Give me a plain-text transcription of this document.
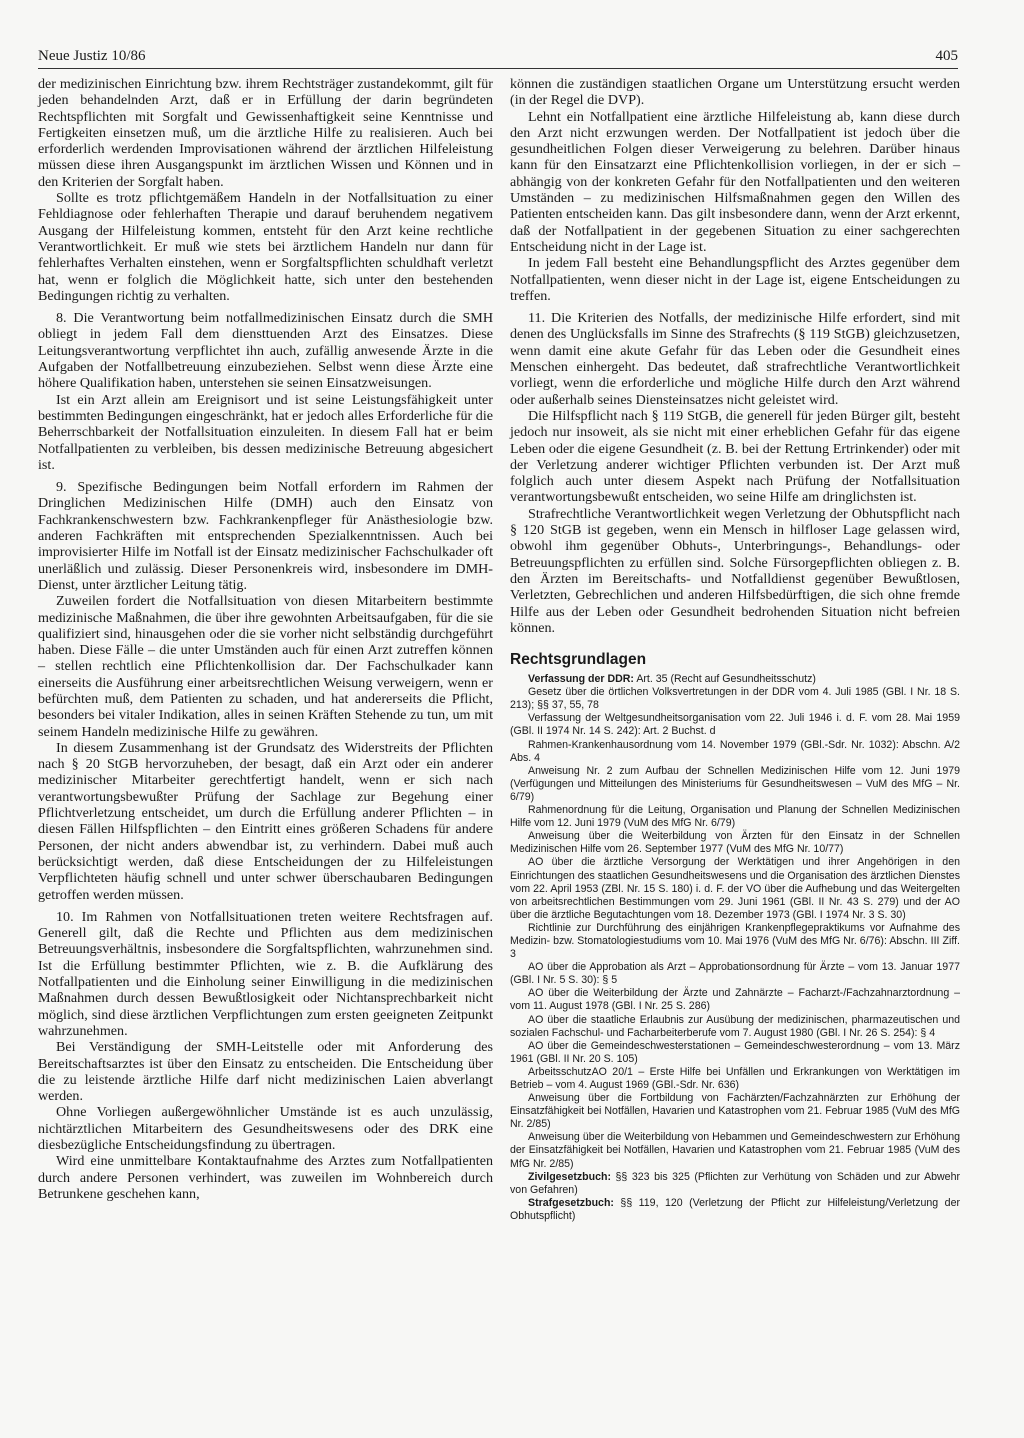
Neue Justiz 10/86	405

der medizinischen Einrichtung bzw. ihrem Rechtsträger zustandekommt, gilt für jeden behandelnden Arzt, daß er in Erfüllung der darin begründeten Rechtspflichten mit Sorgfalt und Gewissenhaftigkeit seine Kenntnisse und Fertigkeiten einsetzen muß, um die ärztliche Hilfe zu realisieren. Auch bei erforderlich werdenden Improvisationen während der ärztlichen Hilfeleistung müssen diese ihren Ausgangspunkt im ärztlichen Wissen und Können und in den Kriterien der Sorgfalt haben.

Sollte es trotz pflichtgemäßem Handeln in der Notfallsituation zu einer Fehldiagnose oder fehlerhaften Therapie und darauf beruhendem negativem Ausgang der Hilfeleistung kommen, entsteht für den Arzt keine rechtliche Verantwortlichkeit. Er muß wie stets bei ärztlichem Handeln nur dann für fehlerhaftes Verhalten einstehen, wenn er Sorgfaltspflichten schuldhaft verletzt hat, wenn er folglich die Möglichkeit hatte, sich unter den bestehenden Bedingungen richtig zu verhalten.

8. Die Verantwortung beim notfallmedizinischen Einsatz durch die SMH obliegt in jedem Fall dem diensttuenden Arzt des Einsatzes. Diese Leitungsverantwortung verpflichtet ihn auch, zufällig anwesende Ärzte in die Aufgaben der Notfallbetreuung einzubeziehen. Selbst wenn diese Ärzte eine höhere Qualifikation haben, unterstehen sie seinen Einsatzweisungen.

Ist ein Arzt allein am Ereignisort und ist seine Leistungsfähigkeit unter bestimmten Bedingungen eingeschränkt, hat er jedoch alles Erforderliche für die Beherrschbarkeit der Notfallsituation einzuleiten. In diesem Fall hat er beim Notfallpatienten zu verbleiben, bis dessen medizinische Betreuung abgesichert ist.

9. Spezifische Bedingungen beim Notfall erfordern im Rahmen der Dringlichen Medizinischen Hilfe (DMH) auch den Einsatz von Fachkrankenschwestern bzw. Fachkrankenpfleger für Anästhesiologie bzw. anderen Fachkräften mit entsprechenden Spezialkenntnissen. Auch bei improvisierter Hilfe im Notfall ist der Einsatz medizinischer Fachschulkader oft unerläßlich und zulässig. Dieser Personenkreis wird, insbesondere im DMH-Dienst, unter ärztlicher Leitung tätig.

Zuweilen fordert die Notfallsituation von diesen Mitarbeitern bestimmte medizinische Maßnahmen, die über ihre gewohnten Arbeitsaufgaben, für die sie qualifiziert sind, hinausgehen oder die sie vorher nicht selbständig durchgeführt haben. Diese Fälle – die unter Umständen auch für einen Arzt zutreffen können – stellen rechtlich eine Pflichtenkollision dar. Der Fachschulkader kann einerseits die Ausführung einer arbeitsrechtlichen Weisung verweigern, wenn er befürchten muß, dem Patienten zu schaden, und hat andererseits die Pflicht, besonders bei vitaler Indikation, alles in seinen Kräften Stehende zu tun, um mit seinem Handeln medizinische Hilfe zu gewähren.

In diesem Zusammenhang ist der Grundsatz des Widerstreits der Pflichten nach § 20 StGB hervorzuheben, der besagt, daß ein Arzt oder ein anderer medizinischer Mitarbeiter gerechtfertigt handelt, wenn er sich nach verantwortungsbewußter Prüfung der Sachlage zur Begehung einer Pflichtverletzung entscheidet, um durch die Erfüllung anderer Pflichten – in diesen Fällen Hilfspflichten – den Eintritt eines größeren Schadens für andere Personen, der nicht anders abwendbar ist, zu verhindern. Dabei muß auch berücksichtigt werden, daß diese Entscheidungen der zu Hilfeleistungen Verpflichteten häufig schnell und unter schwer überschaubaren Bedingungen getroffen werden müssen.

10. Im Rahmen von Notfallsituationen treten weitere Rechtsfragen auf. Generell gilt, daß die Rechte und Pflichten aus dem medizinischen Betreuungsverhältnis, insbesondere die Sorgfaltspflichten, wahrzunehmen sind. Ist die Erfüllung bestimmter Pflichten, wie z. B. die Aufklärung des Notfallpatienten und die Einholung seiner Einwilligung in die medizinischen Maßnahmen durch dessen Bewußtlosigkeit oder Nichtansprechbarkeit nicht möglich, sind diese ärztlichen Verpflichtungen zum ersten geeigneten Zeitpunkt wahrzunehmen.

Bei Verständigung der SMH-Leitstelle oder mit Anforderung des Bereitschaftsarztes ist über den Einsatz zu entscheiden. Die Entscheidung über die zu leistende ärztliche Hilfe darf nicht medizinischen Laien abverlangt werden.

Ohne Vorliegen außergewöhnlicher Umstände ist es auch unzulässig, nichtärztlichen Mitarbeitern des Gesundheitswesens oder des DRK eine diesbezügliche Entscheidungsfindung zu übertragen.

Wird eine unmittelbare Kontaktaufnahme des Arztes zum Notfallpatienten durch andere Personen verhindert, was zuweilen im Wohnbereich durch Betrunkene geschehen kann,

können die zuständigen staatlichen Organe um Unterstützung ersucht werden (in der Regel die DVP).

Lehnt ein Notfallpatient eine ärztliche Hilfeleistung ab, kann diese durch den Arzt nicht erzwungen werden. Der Notfallpatient ist jedoch über die gesundheitlichen Folgen dieser Verweigerung zu belehren. Darüber hinaus kann für den Einsatzarzt eine Pflichtenkollision vorliegen, in der er sich – abhängig von der konkreten Gefahr für den Notfallpatienten und den weiteren Umständen – zu medizinischen Hilfsmaßnahmen gegen den Willen des Patienten entscheiden kann. Das gilt insbesondere dann, wenn der Arzt erkennt, daß der Notfallpatient in der gegebenen Situation zu einer sachgerechten Entscheidung nicht in der Lage ist.

In jedem Fall besteht eine Behandlungspflicht des Arztes gegenüber dem Notfallpatienten, wenn dieser nicht in der Lage ist, eigene Entscheidungen zu treffen.

11. Die Kriterien des Notfalls, der medizinische Hilfe erfordert, sind mit denen des Unglücksfalls im Sinne des Strafrechts (§ 119 StGB) gleichzusetzen, wenn damit eine akute Gefahr für das Leben oder die Gesundheit eines Menschen einhergeht. Das bedeutet, daß strafrechtliche Verantwortlichkeit vorliegt, wenn die erforderliche und mögliche Hilfe durch den Arzt während oder außerhalb seines Diensteinsatzes nicht geleistet wird.

Die Hilfspflicht nach § 119 StGB, die generell für jeden Bürger gilt, besteht jedoch nur insoweit, als sie nicht mit einer erheblichen Gefahr für das eigene Leben oder die eigene Gesundheit (z. B. bei der Rettung Ertrinkender) oder mit der Verletzung anderer wichtiger Pflichten verbunden ist. Der Arzt muß folglich auch unter diesem Aspekt nach Prüfung der Notfallsituation verantwortungsbewußt entscheiden, wo seine Hilfe am dringlichsten ist.

Strafrechtliche Verantwortlichkeit wegen Verletzung der Obhutspflicht nach § 120 StGB ist gegeben, wenn ein Mensch in hilfloser Lage gelassen wird, obwohl ihm gegenüber Obhuts-, Unterbringungs-, Behandlungs- oder Betreuungspflichten zu erfüllen sind. Solche Fürsorgepflichten obliegen z. B. den Ärzten im Bereitschafts- und Notfalldienst gegenüber Bewußtlosen, Verletzten, Gebrechlichen und anderen Hilfsbedürftigen, die sich ohne fremde Hilfe aus der Leben oder Gesundheit bedrohenden Situation nicht befreien können.

Rechtsgrundlagen
Verfassung der DDR: Art. 35 (Recht auf Gesundheitsschutz)
Gesetz über die örtlichen Volksvertretungen in der DDR vom 4. Juli 1985 (GBl. I Nr. 18 S. 213); §§ 37, 55, 78
Verfassung der Weltgesundheitsorganisation vom 22. Juli 1946 i. d. F. vom 28. Mai 1959 (GBl. II 1974 Nr. 14 S. 242): Art. 2 Buchst. d
Rahmen-Krankenhausordnung vom 14. November 1979 (GBl.-Sdr. Nr. 1032): Abschn. A/2 Abs. 4
Anweisung Nr. 2 zum Aufbau der Schnellen Medizinischen Hilfe vom 12. Juni 1979 (Verfügungen und Mitteilungen des Ministeriums für Gesundheitswesen – VuM des MfG – Nr. 6/79)
Rahmenordnung für die Leitung, Organisation und Planung der Schnellen Medizinischen Hilfe vom 12. Juni 1979 (VuM des MfG Nr. 6/79)
Anweisung über die Weiterbildung von Ärzten für den Einsatz in der Schnellen Medizinischen Hilfe vom 26. September 1977 (VuM des MfG Nr. 10/77)
AO über die ärztliche Versorgung der Werktätigen und ihrer Angehörigen in den Einrichtungen des staatlichen Gesundheitswesens und die Organisation des ärztlichen Dienstes vom 22. April 1953 (ZBl. Nr. 15 S. 180) i. d. F. der VO über die Aufhebung und das Weitergelten von arbeitsrechtlichen Bestimmungen vom 29. Juni 1961 (GBl. II Nr. 43 S. 279) und der AO über die ärztliche Begutachtungen vom 18. Dezember 1973 (GBl. I 1974 Nr. 3 S. 30)
Richtlinie zur Durchführung des einjährigen Krankenpflegepraktikums vor Aufnahme des Medizin- bzw. Stomatologiestudiums vom 10. Mai 1976 (VuM des MfG Nr. 6/76): Abschn. III Ziff. 3
AO über die Approbation als Arzt – Approbationsordnung für Ärzte – vom 13. Januar 1977 (GBl. I Nr. 5 S. 30): § 5
AO über die Weiterbildung der Ärzte und Zahnärzte – Facharzt-/Fachzahnarztordnung – vom 11. August 1978 (GBl. I Nr. 25 S. 286)
AO über die staatliche Erlaubnis zur Ausübung der medizinischen, pharmazeutischen und sozialen Fachschul- und Facharbeiterberufe vom 7. August 1980 (GBl. I Nr. 26 S. 254): § 4
AO über die Gemeindeschwesterstationen – Gemeindeschwesterordnung – vom 13. März 1961 (GBl. II Nr. 20 S. 105)
ArbeitsschutzAO 20/1 – Erste Hilfe bei Unfällen und Erkrankungen von Werktätigen im Betrieb – vom 4. August 1969 (GBl.-Sdr. Nr. 636)
Anweisung über die Fortbildung von Fachärzten/Fachzahnärzten zur Erhöhung der Einsatzfähigkeit bei Notfällen, Havarien und Katastrophen vom 21. Februar 1985 (VuM des MfG Nr. 2/85)
Anweisung über die Weiterbildung von Hebammen und Gemeindeschwestern zur Erhöhung der Einsatzfähigkeit bei Notfällen, Havarien und Katastrophen vom 21. Februar 1985 (VuM des MfG Nr. 2/85)
Zivilgesetzbuch: §§ 323 bis 325 (Pflichten zur Verhütung von Schäden und zur Abwehr von Gefahren)
Strafgesetzbuch: §§ 119, 120 (Verletzung der Pflicht zur Hilfeleistung/Verletzung der Obhutspflicht)
